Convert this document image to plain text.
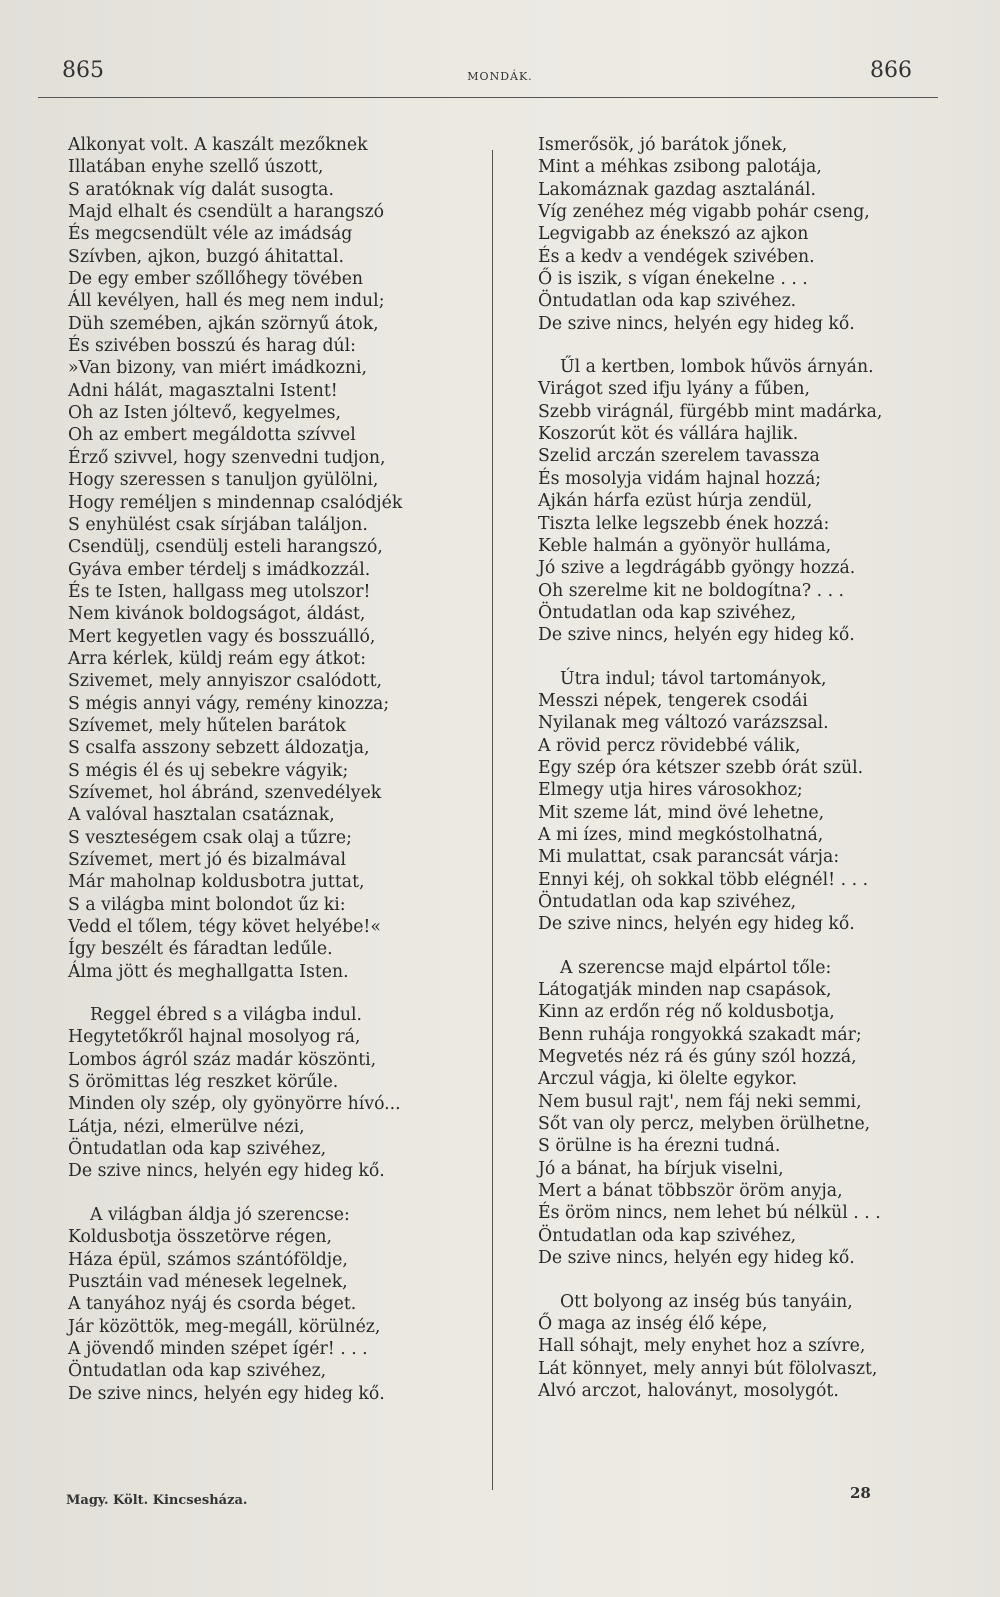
865	MONDÁK.	866
Alkonyat volt. A kaszált mezőknek
Illatában enyhe szellő úszott,
S aratóknak víg dalát susogta.
Majd elhalt és csendült a harangszó
És megcsendült véle az imádság
Szívben, ajkon, buzgó áhitattal.
De egy ember szőllőhegy tövében
Áll kevélyen, hall és meg nem indul;
Düh szemében, ajkán szörnyű átok,
És szivében bosszú és harag dúl:
»Van bizony, van miért imádkozni,
Adni hálát, magasztalni Istent!
Oh az Isten jóltevő, kegyelmes,
Oh az embert megáldotta szívvel
Érző szivvel, hogy szenvedni tudjon,
Hogy szeressen s tanuljon gyülölni,
Hogy reméljen s mindennap csalódjék
S enyhülést csak sírjában találjon.
Csendülj, csendülj esteli harangszó,
Gyáva ember térdelj s imádkozzál.
És te Isten, hallgass meg utolszor!
Nem kivánok boldogságot, áldást,
Mert kegyetlen vagy és bosszuálló,
Arra kérlek, küldj reám egy átkot:
Szivemet, mely annyiszor csalódott,
S mégis annyi vágy, remény kinozza;
Szívemet, mely hűtelen barátok
S csalfa asszony sebzett áldozatja,
S mégis él és uj sebekre vágyik;
Szívemet, hol ábránd, szenvedélyek
A valóval hasztalan csatáznak,
S veszteségem csak olaj a tűzre;
Szívemet, mert jó és bizalmával
Már maholnap koldusbotra juttat,
S a világba mint bolondot űz ki:
Vedd el tőlem, tégy követ helyébe!«
Így beszélt és fáradtan ledűle.
Álma jött és meghallgatta Isten.
Reggel ébred s a világba indul.
Hegytetőkről hajnal mosolyog rá,
Lombos ágról száz madár köszönti,
S örömittas lég reszket körűle.
Minden oly szép, oly gyönyörre hívó...
Látja, nézi, elmerülve nézi,
Öntudatlan oda kap szivéhez,
De szive nincs, helyén egy hideg kő.
A világban áldja jó szerencse:
Koldusbotja összetörve régen,
Háza épül, számos szántóföldje,
Pusztáin vad ménesek legelnek,
A tanyához nyáj és csorda béget.
Jár közöttök, meg-megáll, körülnéz,
A jövendő minden szépet ígér! . . .
Öntudatlan oda kap szivéhez,
De szive nincs, helyén egy hideg kő.
Ismerősök, jó barátok jőnek,
Mint a méhkas zsibong palotája,
Lakomáznak gazdag asztalánál.
Víg zenéhez még vigabb pohár cseng,
Legvigabb az énekszó az ajkon
És a kedv a vendégek szivében.
Ő is iszik, s vígan énekelne . . .
Öntudatlan oda kap szivéhez.
De szive nincs, helyén egy hideg kő.
Űl a kertben, lombok hűvös árnyán.
Virágot szed ifju lyány a fűben,
Szebb virágnál, fürgébb mint madárka,
Koszorút köt és vállára hajlik.
Szelid arczán szerelem tavassza
És mosolyja vidám hajnal hozzá;
Ajkán hárfa ezüst húrja zendül,
Tiszta lelke legszebb ének hozzá:
Keble halmán a gyönyör hulláma,
Jó szive a legdrágább gyöngy hozzá.
Oh szerelme kit ne boldogítna? . . .
Öntudatlan oda kap szivéhez,
De szive nincs, helyén egy hideg kő.
Útra indul; távol tartományok,
Messzi népek, tengerek csodái
Nyilanak meg változó varázszsal.
A rövid percz rövidebbé válik,
Egy szép óra kétszer szebb órát szül.
Elmegy utja hires városokhoz;
Mit szeme lát, mind övé lehetne,
A mi ízes, mind megkóstolhatná,
Mi mulattat, csak parancsát várja:
Ennyi kéj, oh sokkal több elégnél! . . .
Öntudatlan oda kap szivéhez,
De szive nincs, helyén egy hideg kő.
A szerencse majd elpártol tőle:
Látogatják minden nap csapások,
Kinn az erdőn rég nő koldusbotja,
Benn ruhája rongyokká szakadt már;
Megvetés néz rá és gúny szól hozzá,
Arczul vágja, ki ölelte egykor.
Nem busul rajt', nem fáj neki semmi,
Sőt van oly percz, melyben örülhetne,
S örülne is ha érezni tudná.
Jó a bánat, ha bírjuk viselni,
Mert a bánat többször öröm anyja,
És öröm nincs, nem lehet bú nélkül . . .
Öntudatlan oda kap szivéhez,
De szive nincs, helyén egy hideg kő.
Ott bolyong az inség bús tanyáin,
Ő maga az inség élő képe,
Hall sóhajt, mely enyhet hoz a szívre,
Lát könnyet, mely annyi bút fölolvaszt,
Alvó arczot, haloványt, mosolygót.
Magy. Költ. Kincsesháza.	28
